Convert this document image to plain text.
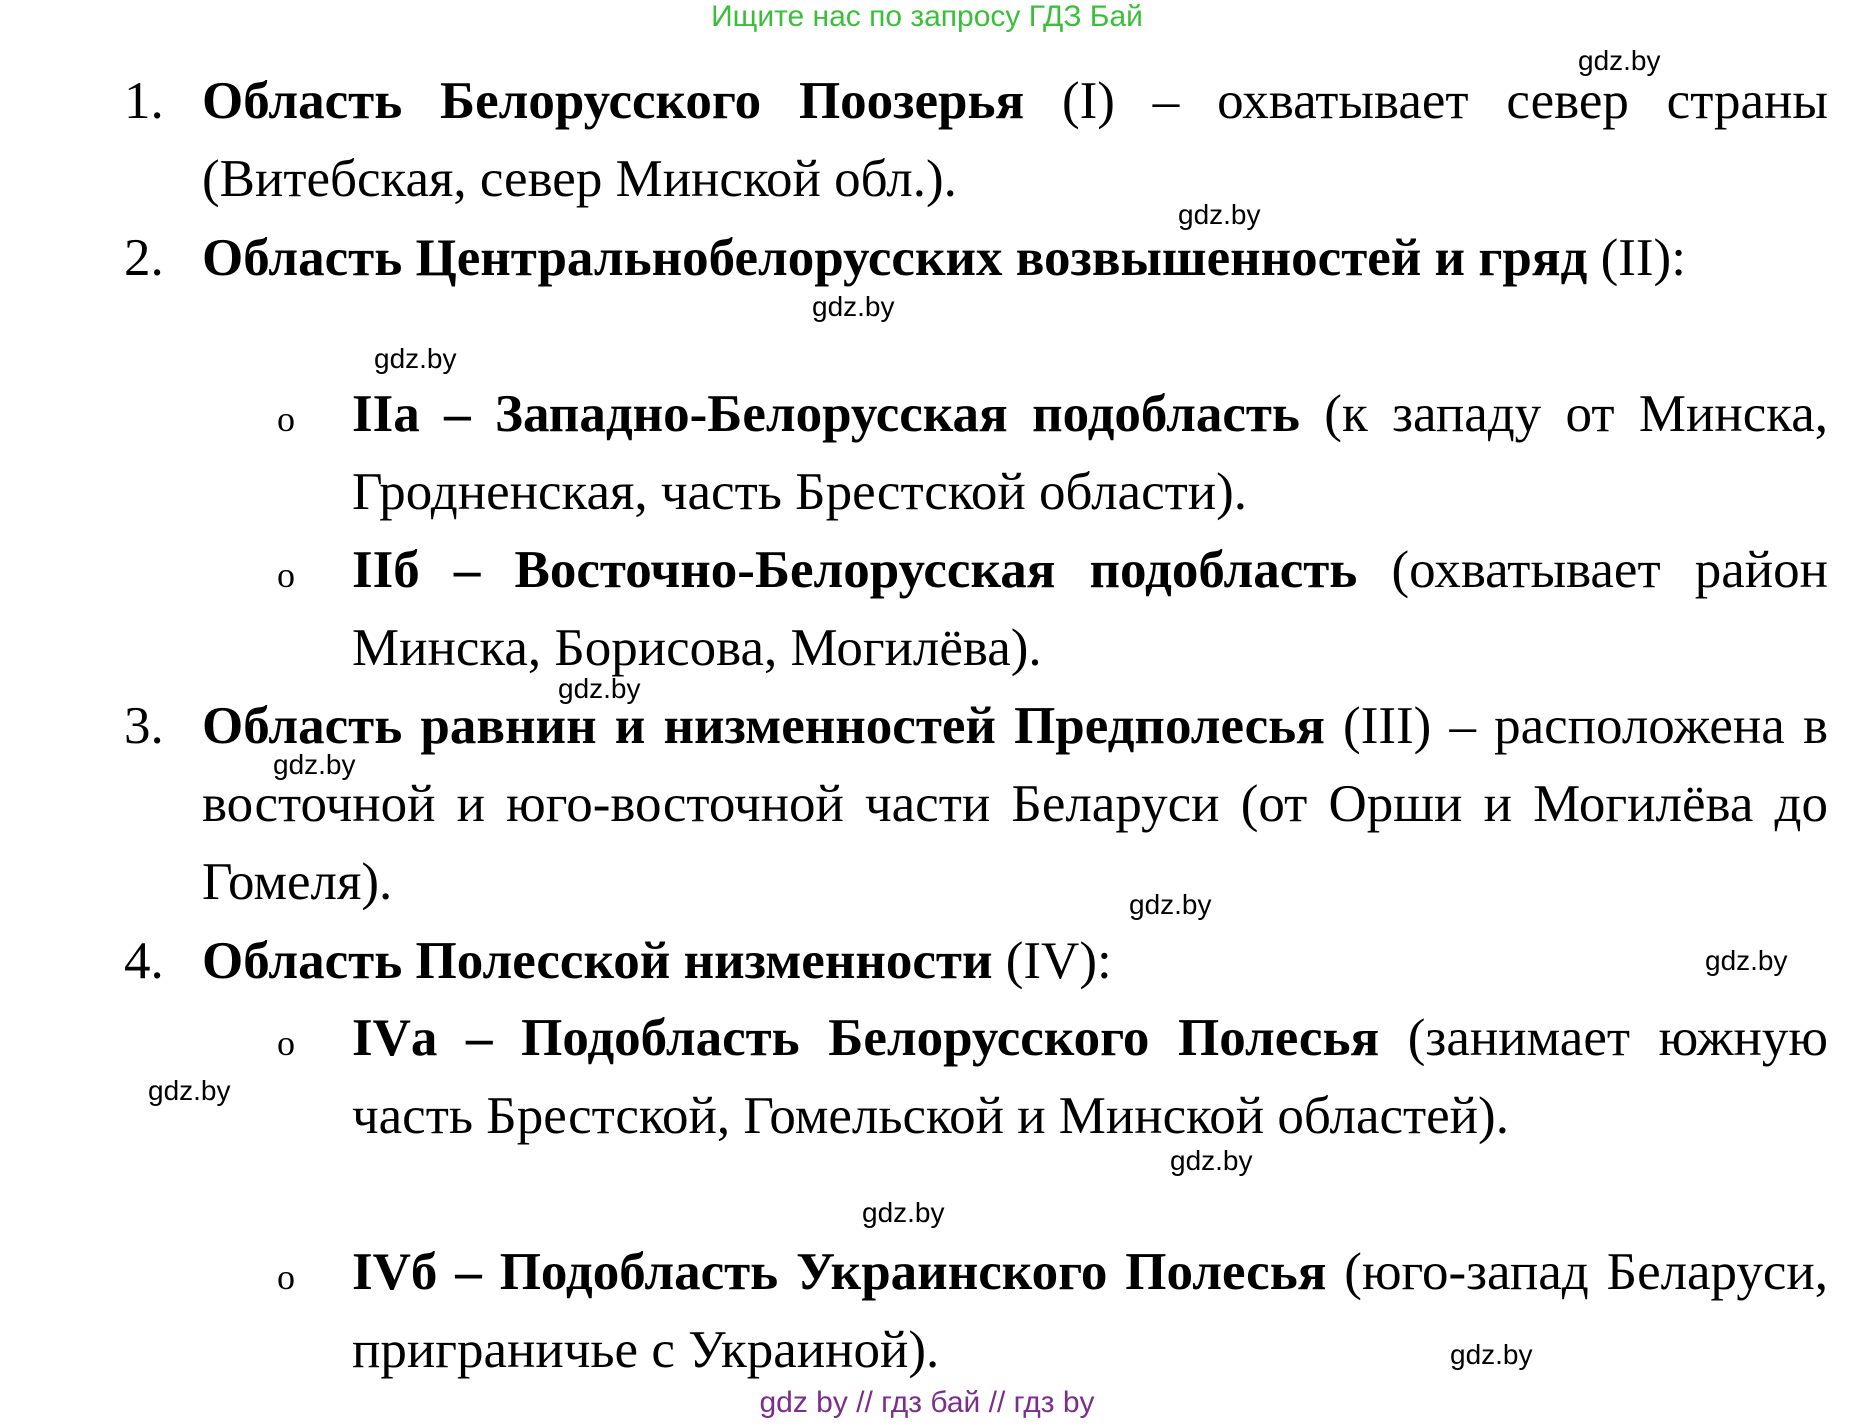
Ищите нас по запросу ГДЗ Бай
1. Область Белорусского Поозерья (I) – охватывает север страны (Витебская, север Минской обл.).
2. Область Центральнобелорусских возвышенностей и гряд (II):
o IIа – Западно-Белорусская подобласть (к западу от Минска, Гродненская, часть Брестской области).
o IIб – Восточно-Белорусская подобласть (охватывает район Минска, Борисова, Могилёва).
3. Область равнин и низменностей Предполесья (III) – расположена в восточной и юго-восточной части Беларуси (от Орши и Могилёва до Гомеля).
4. Область Полесской низменности (IV):
o IVа – Подобласть Белорусского Полесья (занимает южную часть Брестской, Гомельской и Минской областей).
o IVб – Подобласть Украинского Полесья (юго-запад Беларуси, приграничье с Украиной).
gdz.by
gdz.by
gdz.by
gdz.by
gdz.by
gdz.by
gdz.by
gdz.by
gdz.by
gdz.by
gdz.by
gdz.by
gdz by // гдз бай // гдз by
